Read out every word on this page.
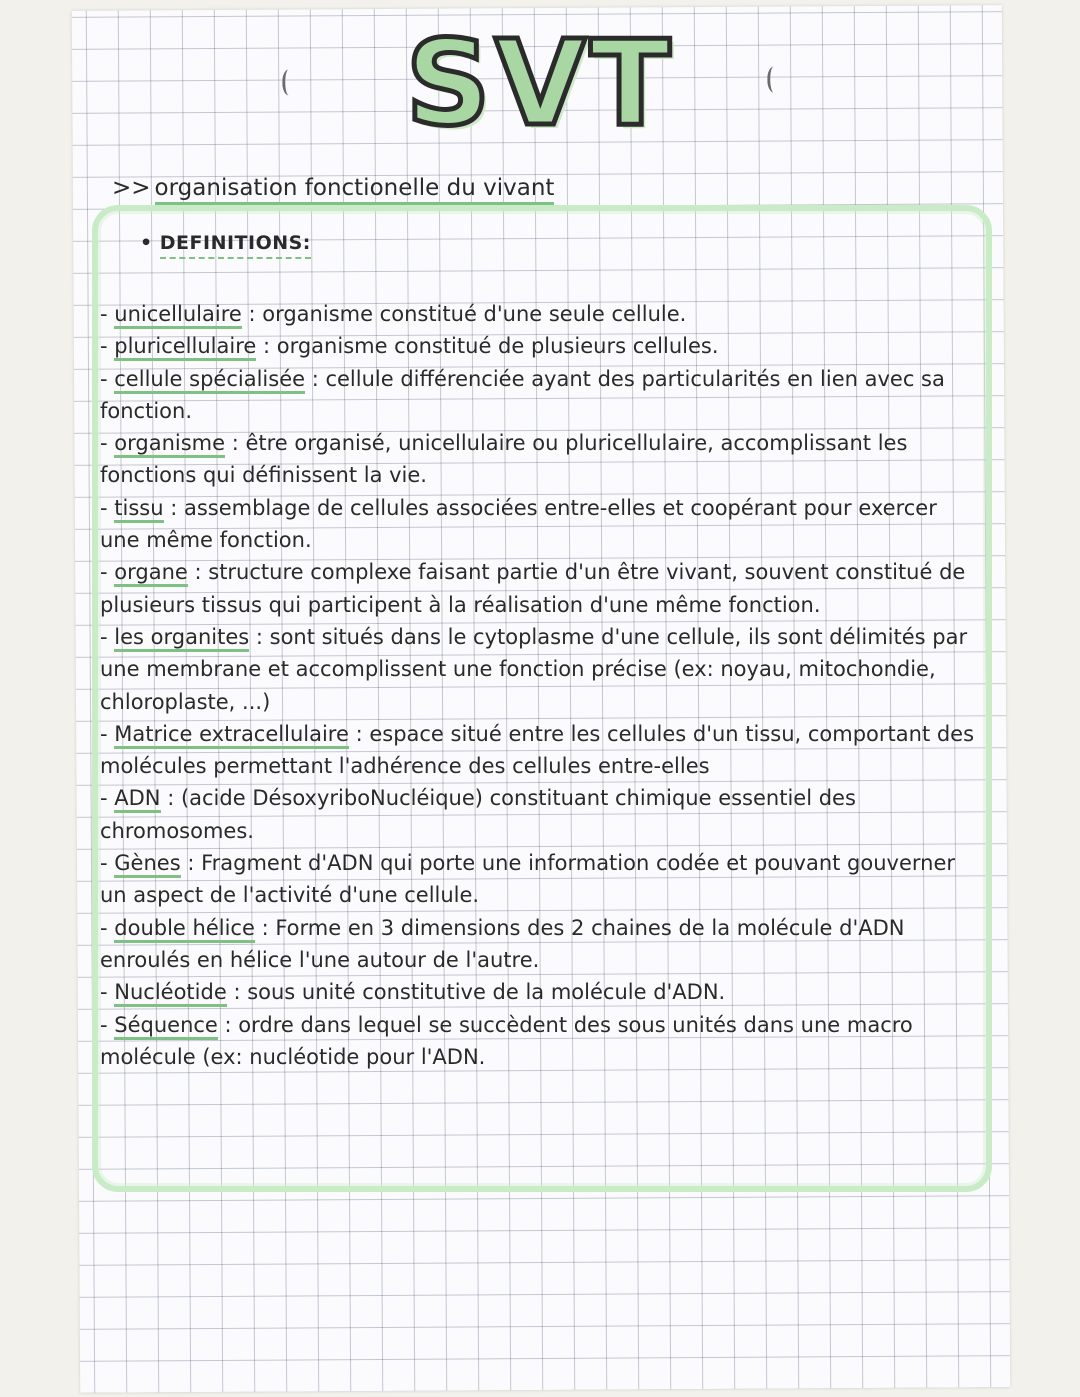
SVT
>> organisation fonctionelle du vivant
• DEFINITIONS:

- unicellulaire : organisme constitué d'une seule cellule.

- pluricellulaire : organisme constitué de plusieurs cellules.

- cellule spécialisée : cellule différenciée ayant des particularités en lien avec sa fonction.

- organisme : être organisé, unicellulaire ou pluricellulaire, accomplissant les fonctions qui définissent la vie.

- tissu : assemblage de cellules associées entre-elles et coopérant pour exercer une même fonction.

- organe : structure complexe faisant partie d'un être vivant, souvent constitué de plusieurs tissus qui participent à la réalisation d'une même fonction.

- les organites : sont situés dans le cytoplasme d'une cellule, ils sont délimités par une membrane et accomplissent une fonction précise (ex: noyau, mitochondie, chloroplaste, ...)

- Matrice extracellulaire : espace situé entre les cellules d'un tissu, comportant des molécules permettant l'adhérence des cellules entre-elles

- ADN : (acide DésoxyriboNucléique) constituant chimique essentiel des chromosomes.

- Gènes : Fragment d'ADN qui porte une information codée et pouvant gouverner un aspect de l'activité d'une cellule.

- double hélice : Forme en 3 dimensions des 2 chaines de la molécule d'ADN enroulés en hélice l'une autour de l'autre.

- Nucléotide : sous unité constitutive de la molécule d'ADN.

- Séquence : ordre dans lequel se succèdent des sous unités dans une macro molécule (ex: nucléotide pour l'ADN.
